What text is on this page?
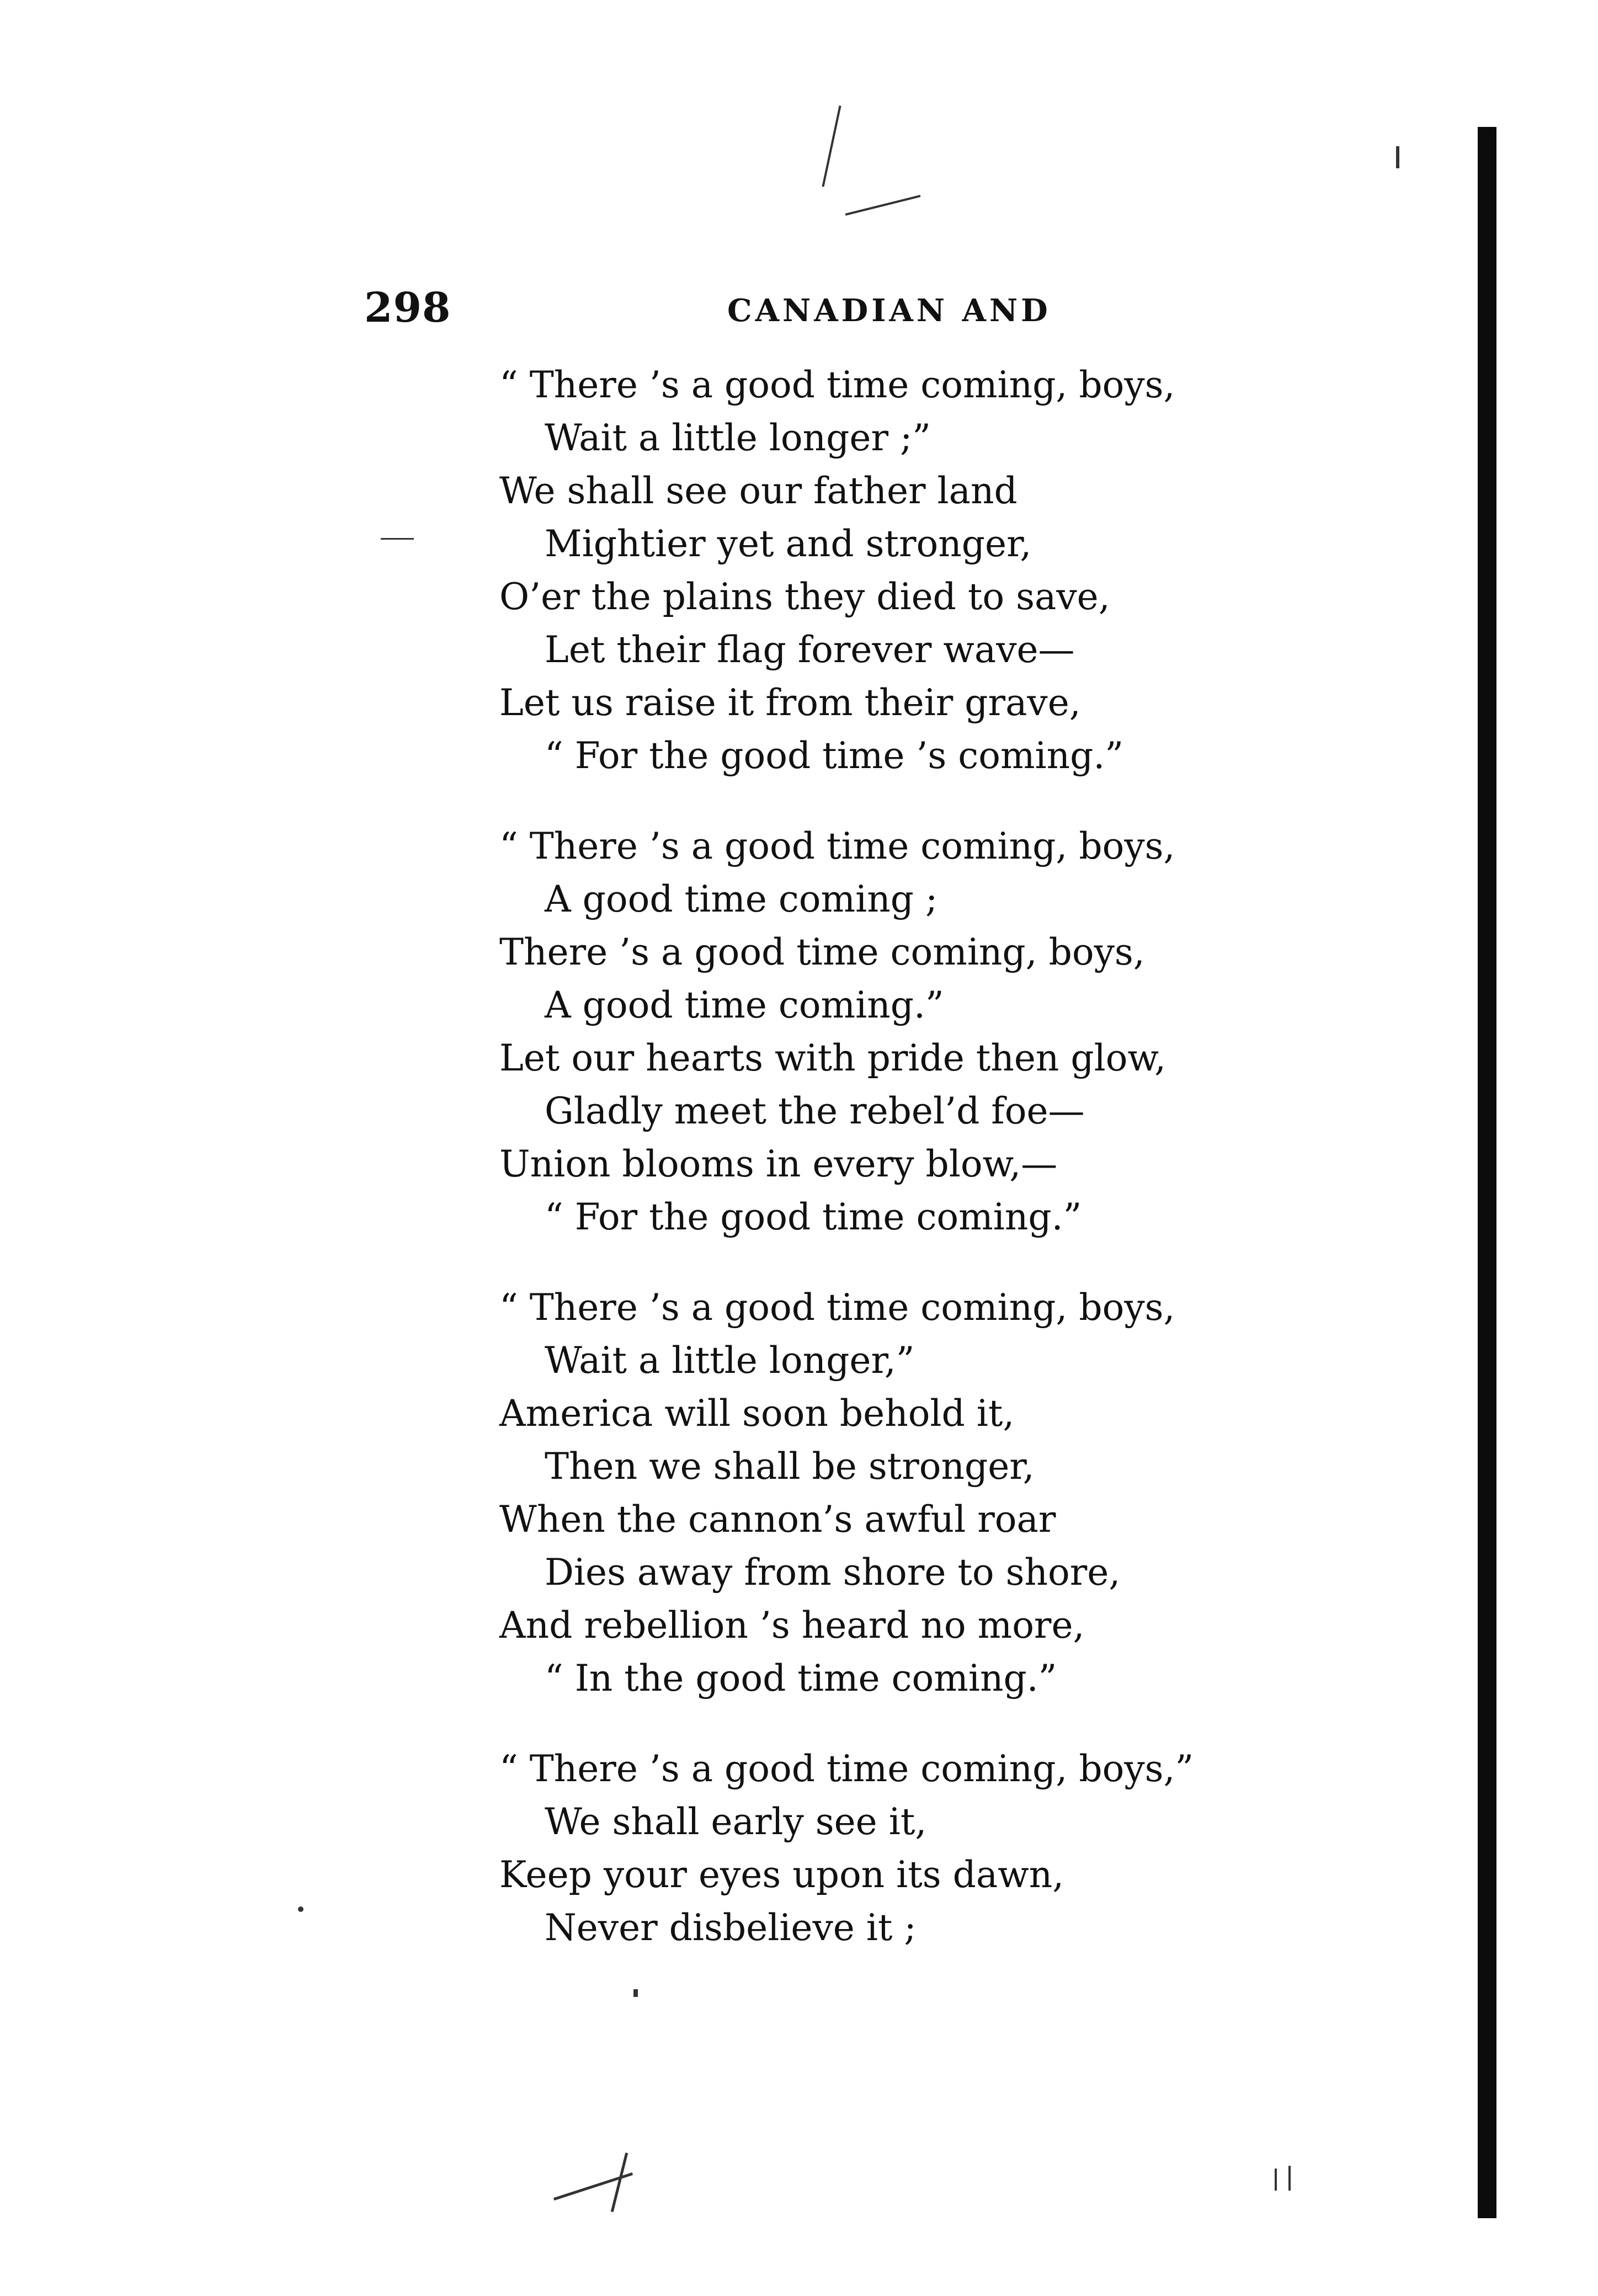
298	CANADIAN AND
“ There ’s a good time coming, boys,
Wait a little longer ;”
We shall see our father land
Mightier yet and stronger,
O’er the plains they died to save,
Let their flag forever wave—
Let us raise it from their grave,
“ For the good time ’s coming.”
“ There ’s a good time coming, boys,
A good time coming ;
There ’s a good time coming, boys,
A good time coming.”
Let our hearts with pride then glow,
Gladly meet the rebel’d foe—
Union blooms in every blow,—
“ For the good time coming.”
“ There ’s a good time coming, boys,
Wait a little longer,”
America will soon behold it,
Then we shall be stronger,
When the cannon’s awful roar
Dies away from shore to shore,
And rebellion ’s heard no more,
“ In the good time coming.”
“ There ’s a good time coming, boys,”
We shall early see it,
Keep your eyes upon its dawn,
Never disbelieve it ;
